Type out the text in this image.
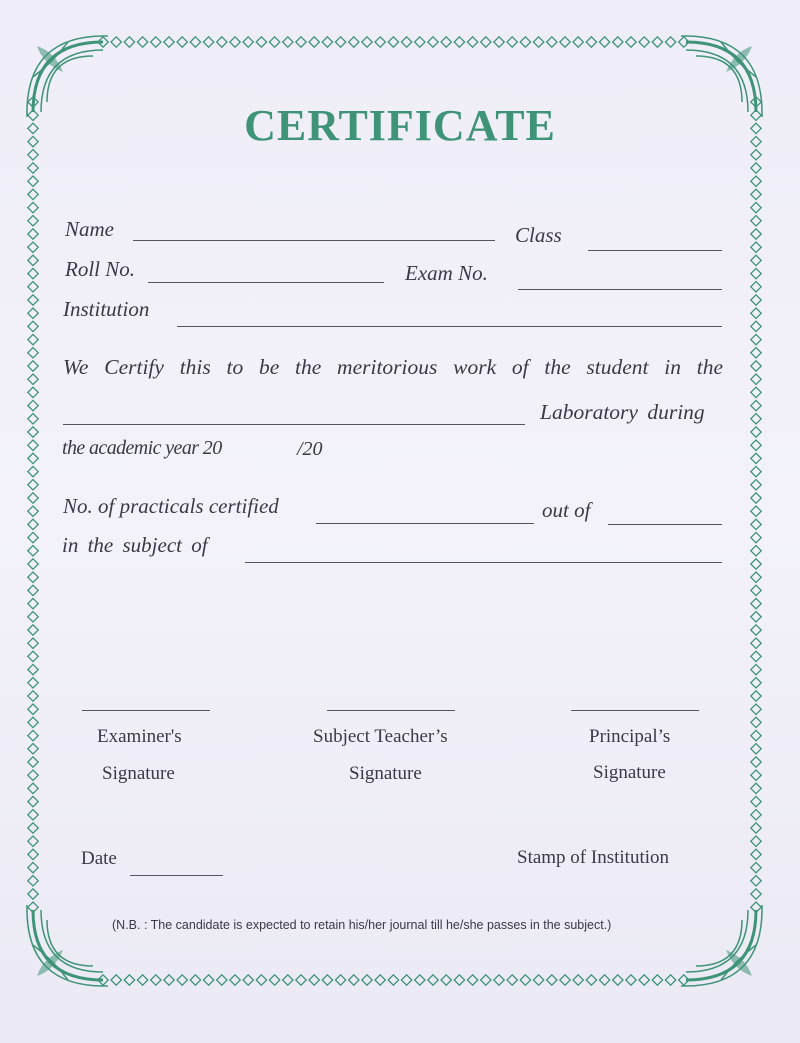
CERTIFICATE
Name	Class
Roll No.	Exam No.
Institution
We Certify this to be the meritorious work of the student in the
Laboratory during
the academic year 20	/20
No. of practicals certified	out of
in the subject of
Examiner's
Signature
Subject Teacher’s
Signature
Principal’s
Signature
Date	Stamp of Institution
(N.B. : The candidate is expected to retain his/her journal till he/she passes in the subject.)
